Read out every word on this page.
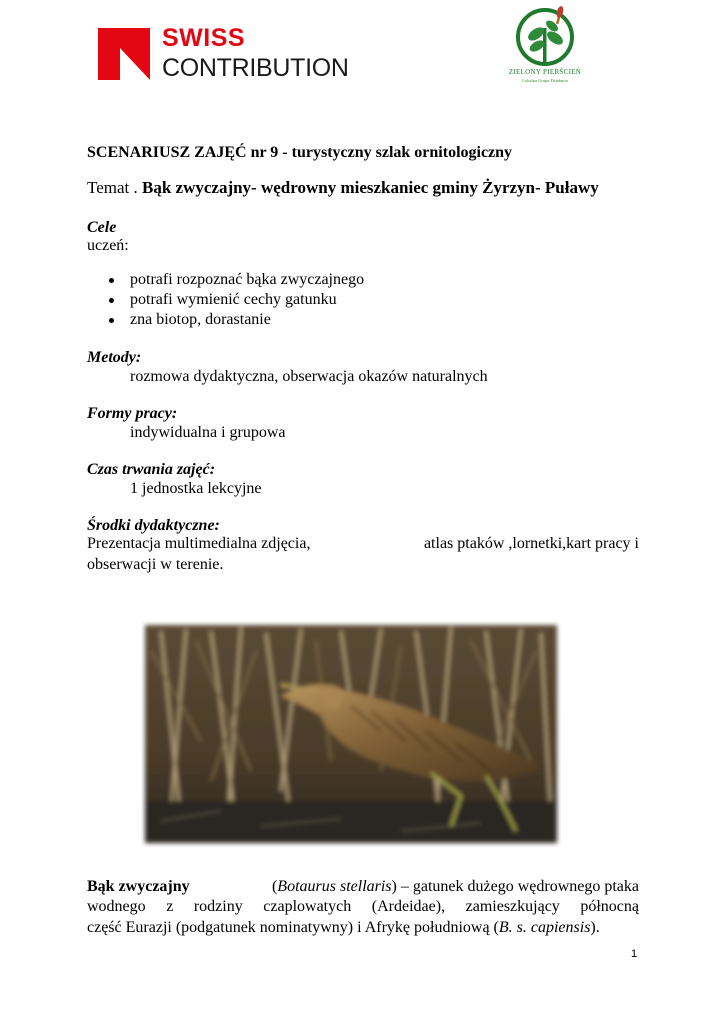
SWISS
CONTRIBUTION	ZIELONY PIERŚCIEŃ
Lokalna Grupa Działania
SCENARIUSZ ZAJĘĆ nr 9 - turystyczny szlak ornitologiczny
Temat . Bąk zwyczajny- wędrowny mieszkaniec gminy Żyrzyn- Puławy
Cele
uczeń:
potrafi rozpoznać bąka zwyczajnego
potrafi wymienić cechy gatunku
zna biotop, dorastanie
Metody:
rozmowa dydaktyczna, obserwacja okazów naturalnych
Formy pracy:
indywidualna i grupowa
Czas trwania zajęć:
1 jednostka lekcyjne
Środki dydaktyczne:
Prezentacja multimedialna zdjęcia,	atlas ptaków ,lornetki,kart pracy i
obserwacji w terenie.
Bąk zwyczajny	(Botaurus stellaris) – gatunek dużego wędrownego ptaka
wodnego z rodziny czaplowatych (Ardeidae), zamieszkujący północną
część Eurazji (podgatunek nominatywny) i Afrykę południową (B. s. capiensis).
1
